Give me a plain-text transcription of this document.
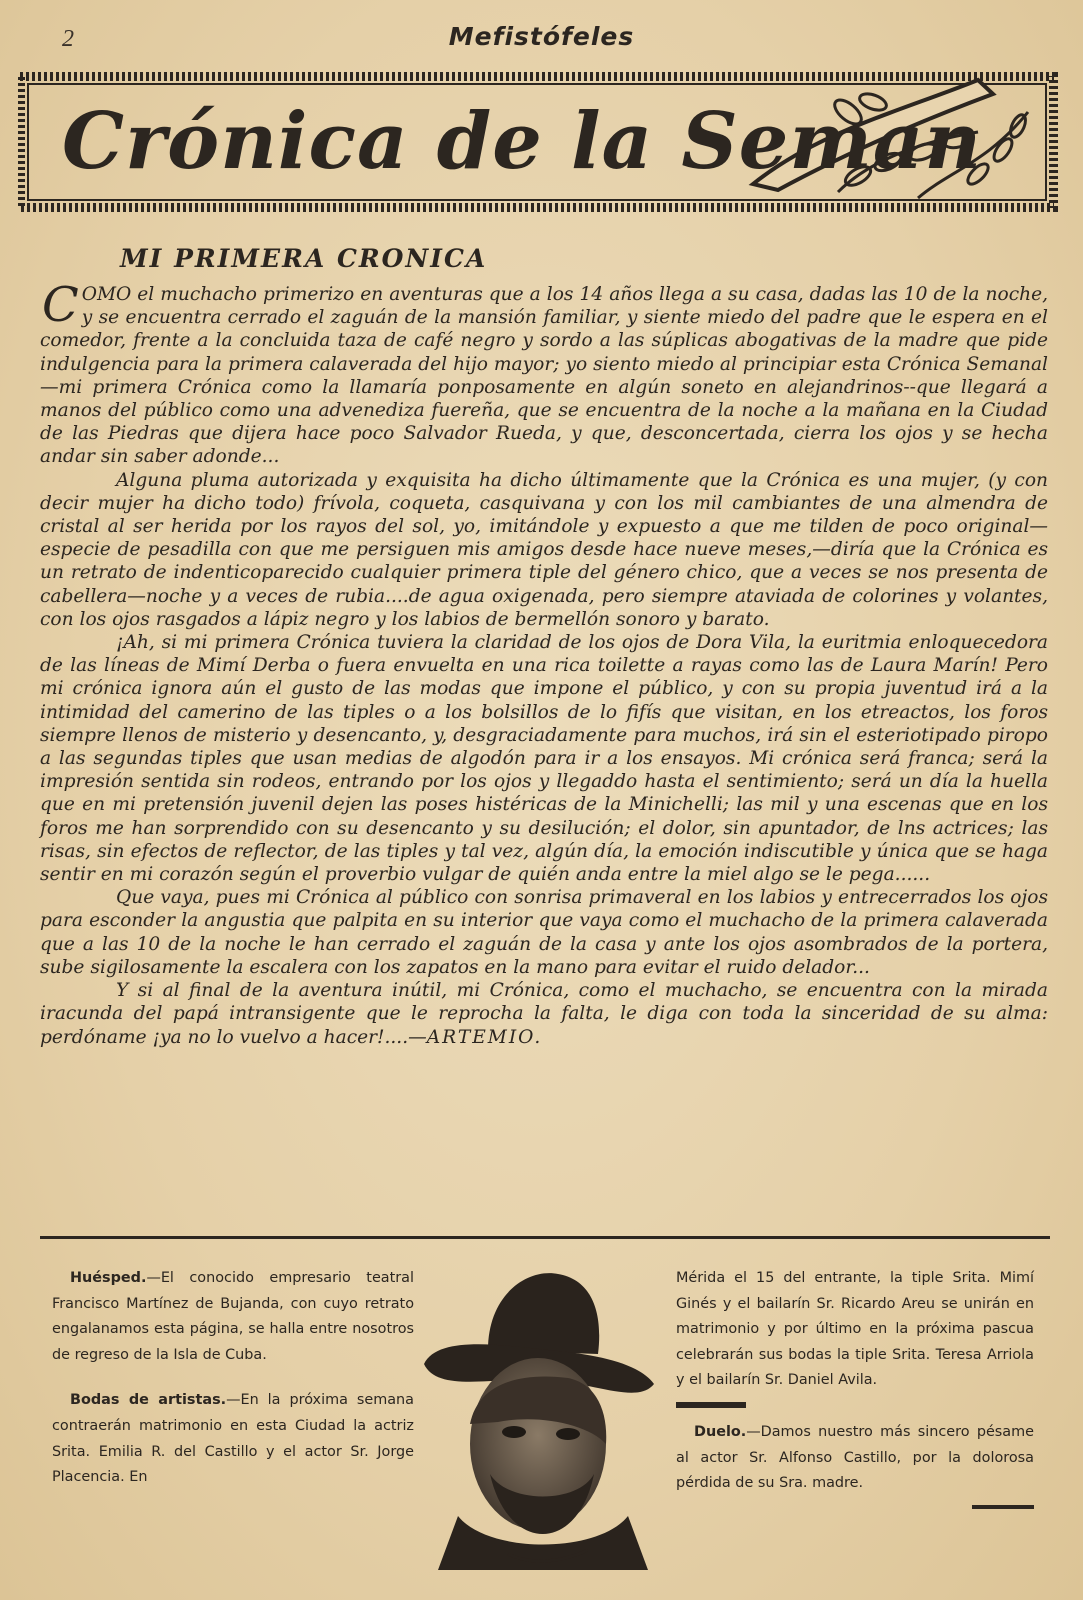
2	Mefistófeles
Crónica de la Seman
MI PRIMERA CRONICA

COMO el muchacho primerizo en aventuras que a los 14 años llega a su casa, dadas las 10 de la noche, y se encuentra cerrado el zaguán de la mansión familiar, y siente miedo del padre que le espera en el comedor, frente a la concluida taza de café negro y sordo a las súplicas abogativas de la madre que pide indulgencia para la primera calaverada del hijo mayor; yo siento miedo al principiar esta Crónica Semanal—mi primera Crónica como la llamaría ponposamente en algún soneto en alejandrinos--que llegará a manos del público como una advenediza fuereña, que se encuentra de la noche a la mañana en la Ciudad de las Piedras que dijera hace poco Salvador Rueda, y que, desconcertada, cierra los ojos y se hecha andar sin saber adonde...

Alguna pluma autorizada y exquisita ha dicho últimamente que la Crónica es una mujer, (y con decir mujer ha dicho todo) frívola, coqueta, casquivana y con los mil cambiantes de una almendra de cristal al ser herida por los rayos del sol, yo, imitándole y expuesto a que me tilden de poco original—especie de pesadilla con que me persiguen mis amigos desde hace nueve meses,—diría que la Crónica es un retrato de indenticoparecido cualquier primera tiple del género chico, que a veces se nos presenta de cabellera—noche y a veces de rubia....de agua oxigenada, pero siempre ataviada de colorines y volantes, con los ojos rasgados a lápiz negro y los labios de bermellón sonoro y barato.

¡Ah, si mi primera Crónica tuviera la claridad de los ojos de Dora Vila, la euritmia enloquecedora de las líneas de Mimí Derba o fuera envuelta en una rica toilette a rayas como las de Laura Marín! Pero mi crónica ignora aún el gusto de las modas que impone el público, y con su propia juventud irá a la intimidad del camerino de las tiples o a los bolsillos de lo fifís que visitan, en los etreactos, los foros siempre llenos de misterio y desencanto, y, desgraciadamente para muchos, irá sin el esteriotipado piropo a las segundas tiples que usan medias de algodón para ir a los ensayos. Mi crónica será franca; será la impresión sentida sin rodeos, entrando por los ojos y llegaddo hasta el sentimiento; será un día la huella que en mi pretensión juvenil dejen las poses histéricas de la Minichelli; las mil y una escenas que en los foros me han sorprendido con su desencanto y su desilución; el dolor, sin apuntador, de lns actrices; las risas, sin efectos de reflector, de las tiples y tal vez, algún día, la emoción indiscutible y única que se haga sentir en mi corazón según el proverbio vulgar de quién anda entre la miel algo se le pega......

Que vaya, pues mi Crónica al público con sonrisa primaveral en los labios y entrecerrados los ojos para esconder la angustia que palpita en su interior que vaya como el muchacho de la primera calaverada que a las 10 de la noche le han cerrado el zaguán de la casa y ante los ojos asombrados de la portera, sube sigilosamente la escalera con los zapatos en la mano para evitar el ruido delador...

Y si al final de la aventura inútil, mi Crónica, como el muchacho, se encuentra con la mirada iracunda del papá intransigente que le reprocha la falta, le diga con toda la sinceridad de su alma: perdóname ¡ya no lo vuelvo a hacer!....—ARTEMIO.

Huésped.—El conocido empresario teatral Francisco Martínez de Bujanda, con cuyo retrato engalanamos esta página, se halla entre nosotros de regreso de la Isla de Cuba.

Bodas de artistas.—En la próxima semana contraerán matrimonio en esta Ciudad la actriz Srita. Emilia R. del Castillo y el actor Sr. Jorge Placencia. En

Mérida el 15 del entrante, la tiple Srita. Mimí Ginés y el bailarín Sr. Ricardo Areu se unirán en matrimonio y por último en la próxima pascua celebrarán sus bodas la tiple Srita. Teresa Arriola y el bailarín Sr. Daniel Avila.

Duelo.—Damos nuestro más sincero pésame al actor Sr. Alfonso Castillo, por la dolorosa pérdida de su Sra. madre.
